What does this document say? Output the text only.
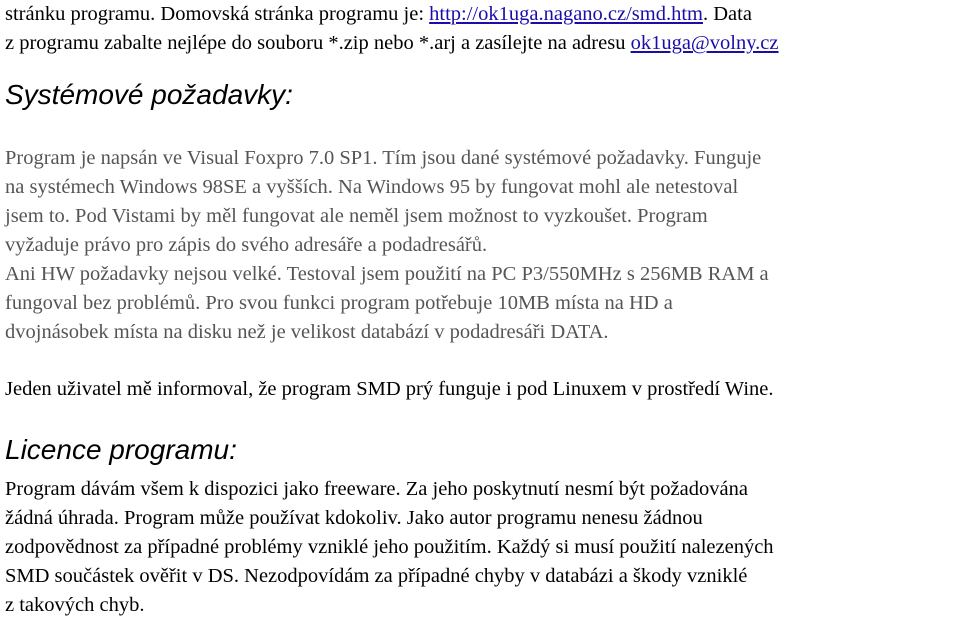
stránku programu. Domovská stránka programu je: http://ok1uga.nagano.cz/smd.htm. Data
z programu zabalte nejlépe do souboru *.zip nebo *.arj a zasílejte na adresu ok1uga@volny.cz
Systémové požadavky:
Program je napsán ve Visual Foxpro 7.0 SP1. Tím jsou dané systémové požadavky. Funguje
na systémech Windows 98SE a vyšších. Na Windows 95 by fungovat mohl ale netestoval
jsem to. Pod Vistami by měl fungovat ale neměl jsem možnost to vyzkoušet. Program
vyžaduje právo pro zápis do svého adresáře a podadresářů.
Ani HW požadavky nejsou velké. Testoval jsem použití na PC P3/550MHz s 256MB RAM a
fungoval bez problémů. Pro svou funkci program potřebuje 10MB místa na HD a
dvojnásobek místa na disku než je velikost databází v podadresáři DATA.
Jeden uživatel mě informoval, že program SMD prý funguje i pod Linuxem v prostředí Wine.
Licence programu:
Program dávám všem k dispozici jako freeware. Za jeho poskytnutí nesmí být požadována
žádná úhrada. Program může používat kdokoliv. Jako autor programu nenesu žádnou
zodpovědnost za případné problémy vzniklé jeho použitím. Každý si musí použití nalezených
SMD součástek ověřit v DS. Nezodpovídám za případné chyby v databázi a škody vzniklé
z takových chyb.
